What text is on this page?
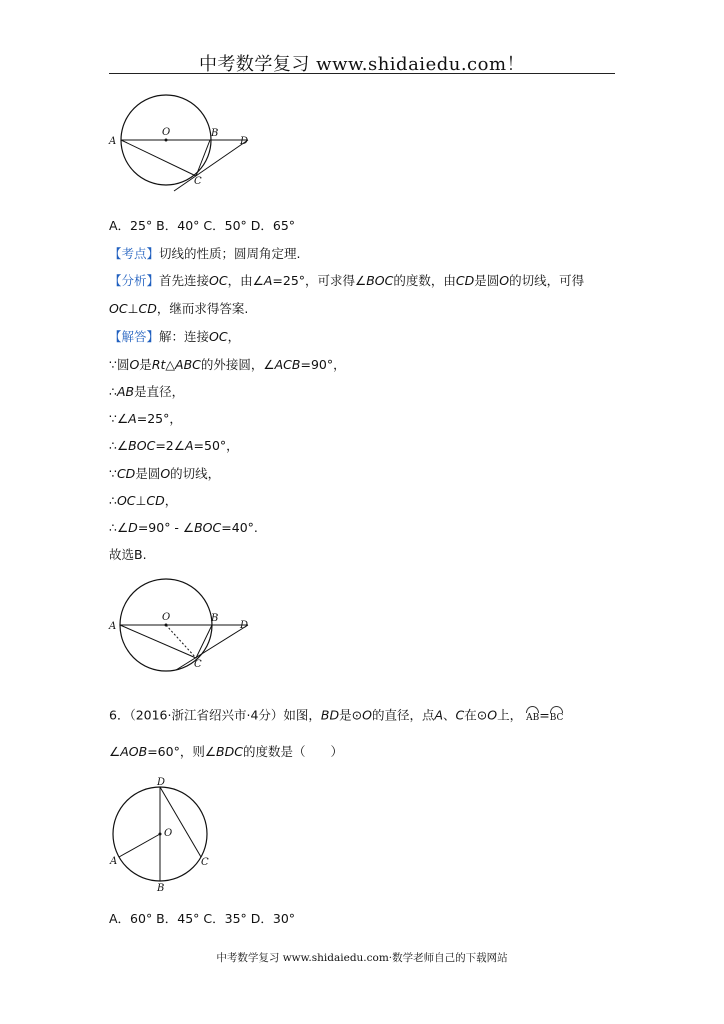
中考数学复习 www.shidaiedu.com！
A
O	B
D
C
A．25° B．40° C．50° D．65°
【考点】切线的性质；圆周角定理.
【分析】首先连接OC，由∠A=25°，可求得∠BOC的度数，由CD是圆O的切线，可得
OC⊥CD，继而求得答案.
【解答】解：连接OC，
∵圆O是Rt△ABC的外接圆，∠ACB=90°，
∴AB是直径，
∵∠A=25°，
∴∠BOC=2∠A=50°，
∵CD是圆O的切线，
∴OC⊥CD，
∴∠D=90° - ∠BOC=40°.
故选B.
A
O	B
D
C
6．（2016·浙江省绍兴市·4分）如图，BD是⊙O的直径，点A、C在⊙O上， AB=BC
∠AOB=60°，则∠BDC的度数是（　　）
D
O
A	C
B
A．60° B．45° C．35° D．30°
中考数学复习 www.shidaiedu.com·数学老师自己的下载网站
